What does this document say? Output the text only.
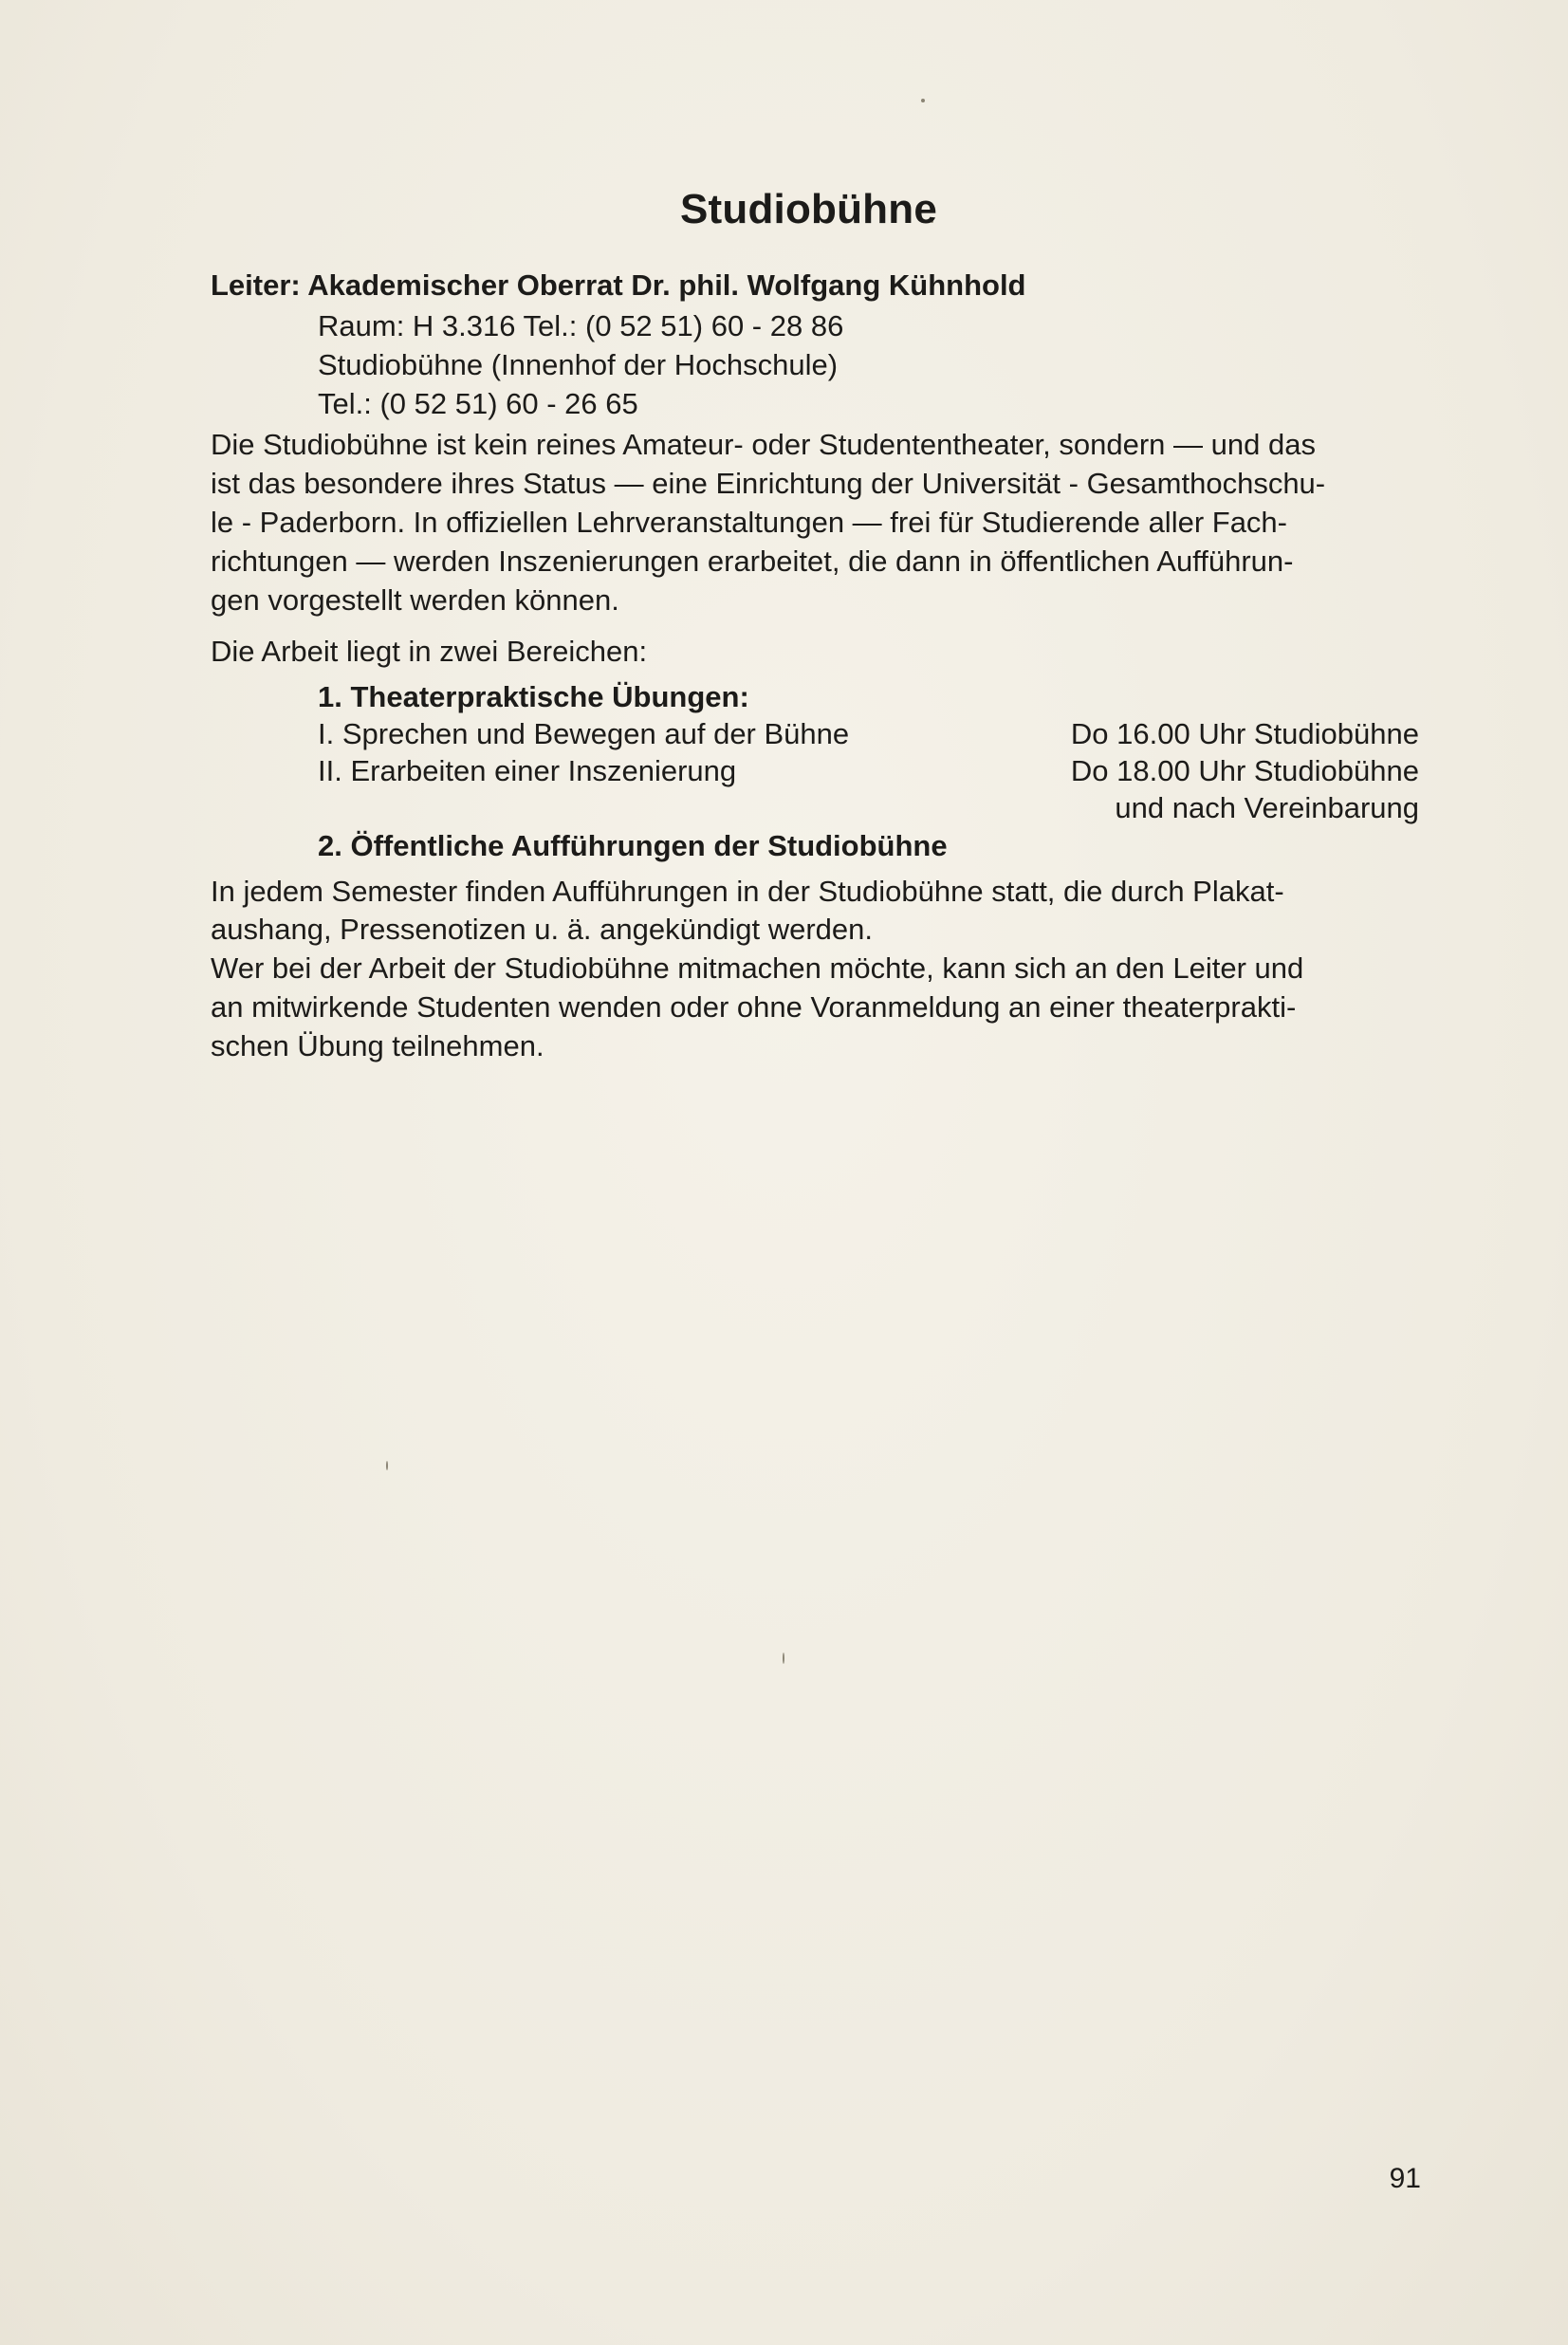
Studiobühne

Leiter: Akademischer Oberrat Dr. phil. Wolfgang Kühnhold

Raum: H 3.316 Tel.: (0 52 51) 60 - 28 86

Studiobühne (Innenhof der Hochschule)

Tel.: (0 52 51) 60 - 26 65

Die Studiobühne ist kein reines Amateur- oder Studententheater, sondern — und das

ist das besondere ihres Status — eine Einrichtung der Universität - Gesamthochschu-

le - Paderborn. In offiziellen Lehrveranstaltungen — frei für Studierende aller Fach-

richtungen — werden Inszenierungen erarbeitet, die dann in öffentlichen Aufführun-

gen vorgestellt werden können.

Die Arbeit liegt in zwei Bereichen:

1. Theaterpraktische Übungen:

I. Sprechen und Bewegen auf der Bühne	Do 16.00 Uhr Studiobühne

II. Erarbeiten einer Inszenierung	Do 18.00 Uhr Studiobühne

und nach Vereinbarung

2. Öffentliche Aufführungen der Studiobühne

In jedem Semester finden Aufführungen in der Studiobühne statt, die durch Plakat-

aushang, Pressenotizen u. ä. angekündigt werden.

Wer bei der Arbeit der Studiobühne mitmachen möchte, kann sich an den Leiter und

an mitwirkende Studenten wenden oder ohne Voranmeldung an einer theaterprakti-

schen Übung teilnehmen.

91
